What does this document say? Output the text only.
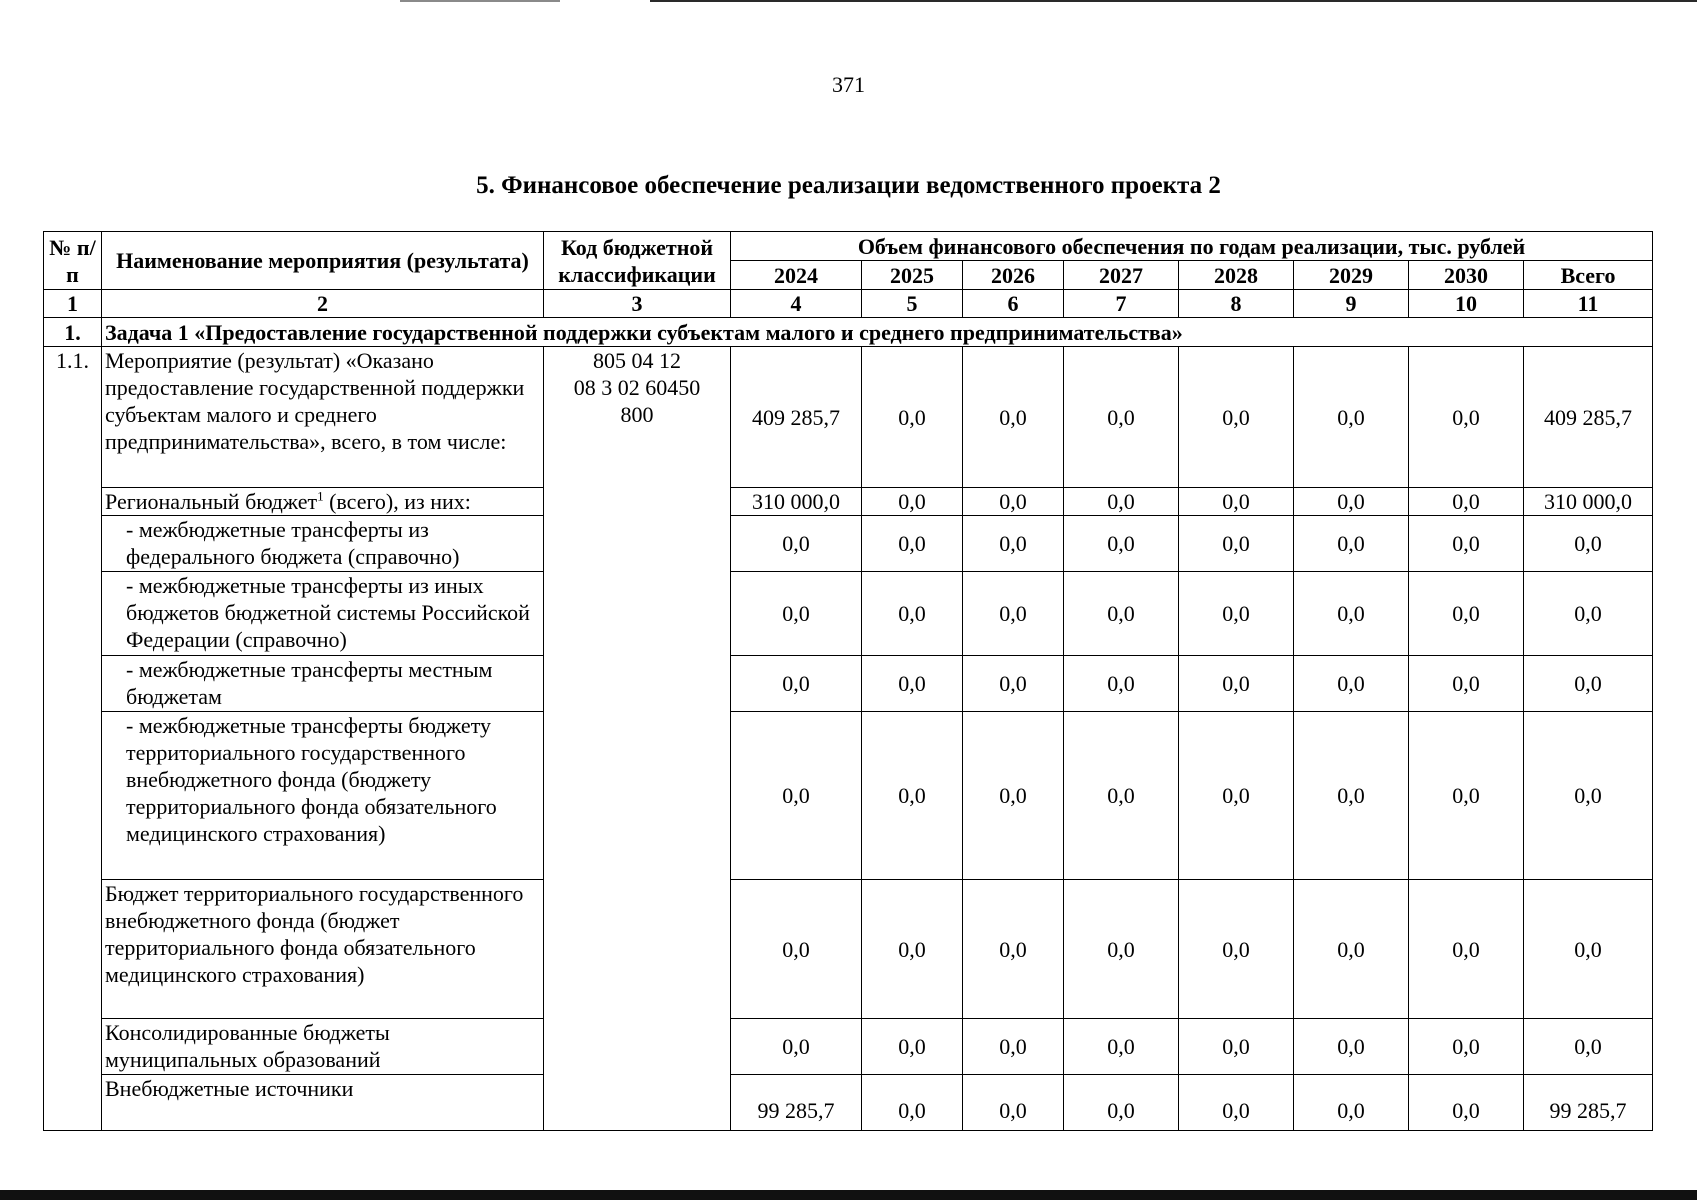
371
5. Финансовое обеспечение реализации ведомственного проекта 2
№ п/п	Наименование мероприятия (результата)	Код бюджетной классификации	Объем финансового обеспечения по годам реализации, тыс. рублей							
			2024	2025	2026	2027	2028	2029	2030	Всего
1	2	3	4	5	6	7	8	9	10	11
1.	Задача 1 «Предоставление государственной поддержки субъектам малого и среднего предпринимательства»									
1.1.	Мероприятие (результат) «Оказано предоставление государственной поддержки субъектам малого и среднего предпринимательства», всего, в том числе:	805 04 12
08 3 02 60450
800	409 285,7	0,0	0,0	0,0	0,0	0,0	0,0	409 285,7
	Региональный бюджет$^1$ (всего), из них:		310 000,0	0,0	0,0	0,0	0,0	0,0	0,0	310 000,0
	- межбюджетные трансферты из федерального бюджета (справочно)		0,0	0,0	0,0	0,0	0,0	0,0	0,0	0,0
	- межбюджетные трансферты из иных бюджетов бюджетной системы Российской Федерации (справочно)		0,0	0,0	0,0	0,0	0,0	0,0	0,0	0,0
	- межбюджетные трансферты местным бюджетам		0,0	0,0	0,0	0,0	0,0	0,0	0,0	0,0
	- межбюджетные трансферты бюджету территориального государственного внебюджетного фонда (бюджету территориального фонда обязательного медицинского страхования)		0,0	0,0	0,0	0,0	0,0	0,0	0,0	0,0
	Бюджет территориального государственного внебюджетного фонда (бюджет территориального фонда обязательного медицинского страхования)		0,0	0,0	0,0	0,0	0,0	0,0	0,0	0,0
	Консолидированные бюджеты муниципальных образований		0,0	0,0	0,0	0,0	0,0	0,0	0,0	0,0
	Внебюджетные источники		99 285,7	0,0	0,0	0,0	0,0	0,0	0,0	99 285,7
